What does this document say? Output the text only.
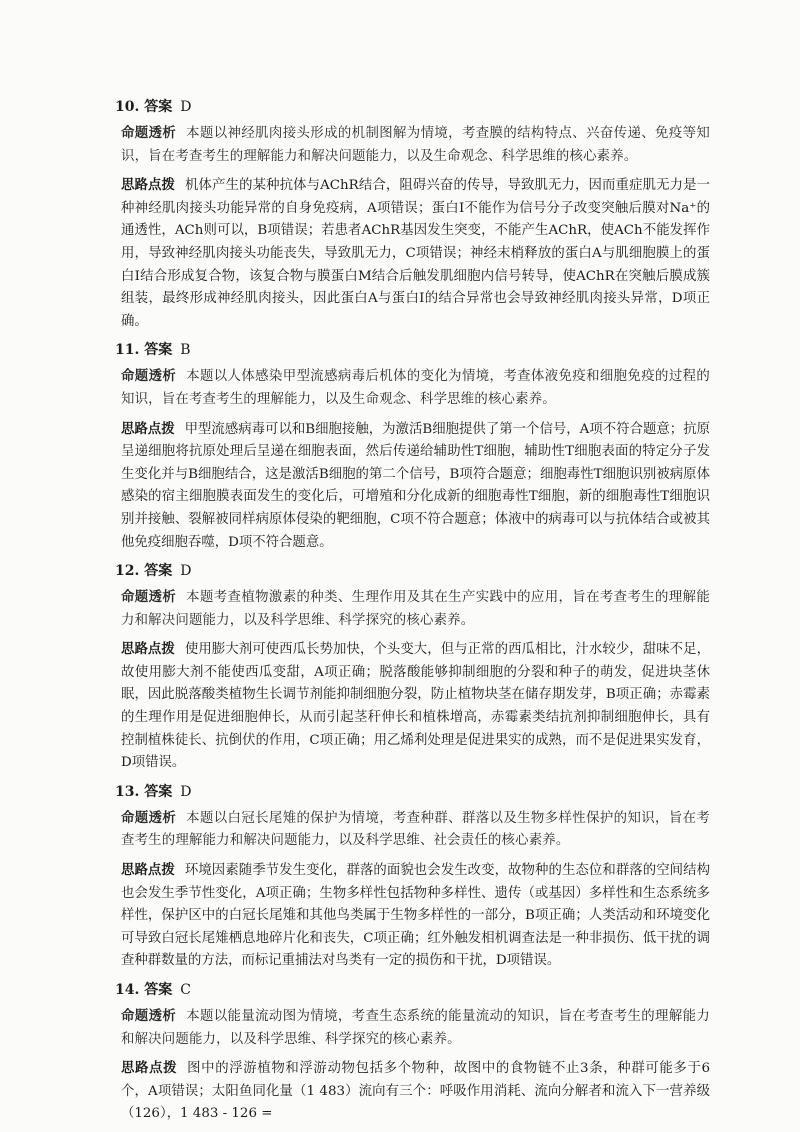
10. 答案 D

命题透析 本题以神经肌肉接头形成的机制图解为情境，考查膜的结构特点、兴奋传递、免疫等知识，旨在考查考生的理解能力和解决问题能力，以及生命观念、科学思维的核心素养。

思路点拨 机体产生的某种抗体与AChR结合，阻碍兴奋的传导，导致肌无力，因而重症肌无力是一种神经肌肉接头功能异常的自身免疫病，A项错误；蛋白Ⅰ不能作为信号分子改变突触后膜对Na⁺的通透性，ACh则可以，B项错误；若患者AChR基因发生突变，不能产生AChR，使ACh不能发挥作用，导致神经肌肉接头功能丧失，导致肌无力，C项错误；神经末梢释放的蛋白A与肌细胞膜上的蛋白Ⅰ结合形成复合物，该复合物与膜蛋白M结合后触发肌细胞内信号转导，使AChR在突触后膜成簇组装，最终形成神经肌肉接头，因此蛋白A与蛋白Ⅰ的结合异常也会导致神经肌肉接头异常，D项正确。

11. 答案 B

命题透析 本题以人体感染甲型流感病毒后机体的变化为情境，考查体液免疫和细胞免疫的过程的知识，旨在考查考生的理解能力，以及生命观念、科学思维的核心素养。

思路点拨 甲型流感病毒可以和B细胞接触，为激活B细胞提供了第一个信号，A项不符合题意；抗原呈递细胞将抗原处理后呈递在细胞表面，然后传递给辅助性T细胞，辅助性T细胞表面的特定分子发生变化并与B细胞结合，这是激活B细胞的第二个信号，B项符合题意；细胞毒性T细胞识别被病原体感染的宿主细胞膜表面发生的变化后，可增殖和分化成新的细胞毒性T细胞，新的细胞毒性T细胞识别并接触、裂解被同样病原体侵染的靶细胞，C项不符合题意；体液中的病毒可以与抗体结合或被其他免疫细胞吞噬，D项不符合题意。

12. 答案 D

命题透析 本题考查植物激素的种类、生理作用及其在生产实践中的应用，旨在考查考生的理解能力和解决问题能力，以及科学思维、科学探究的核心素养。

思路点拨 使用膨大剂可使西瓜长势加快，个头变大，但与正常的西瓜相比，汁水较少，甜味不足，故使用膨大剂不能使西瓜变甜，A项正确；脱落酸能够抑制细胞的分裂和种子的萌发，促进块茎休眠，因此脱落酸类植物生长调节剂能抑制细胞分裂，防止植物块茎在储存期发芽，B项正确；赤霉素的生理作用是促进细胞伸长，从而引起茎秆伸长和植株增高，赤霉素类结抗剂抑制细胞伸长，具有控制植株徒长、抗倒伏的作用，C项正确；用乙烯利处理是促进果实的成熟，而不是促进果实发育，D项错误。

13. 答案 D

命题透析 本题以白冠长尾雉的保护为情境，考查种群、群落以及生物多样性保护的知识，旨在考查考生的理解能力和解决问题能力，以及科学思维、社会责任的核心素养。

思路点拨 环境因素随季节发生变化，群落的面貌也会发生改变，故物种的生态位和群落的空间结构也会发生季节性变化，A项正确；生物多样性包括物种多样性、遗传（或基因）多样性和生态系统多样性，保护区中的白冠长尾雉和其他鸟类属于生物多样性的一部分，B项正确；人类活动和环境变化可导致白冠长尾雉栖息地碎片化和丧失，C项正确；红外触发相机调查法是一种非损伤、低干扰的调查种群数量的方法，而标记重捕法对鸟类有一定的损伤和干扰，D项错误。

14. 答案 C

命题透析 本题以能量流动图为情境，考查生态系统的能量流动的知识，旨在考查考生的理解能力和解决问题能力，以及科学思维、科学探究的核心素养。

思路点拨 图中的浮游植物和浮游动物包括多个物种，故图中的食物链不止3条，种群可能多于6个，A项错误；太阳鱼同化量（1 483）流向有三个：呼吸作用消耗、流向分解者和流入下一营养级（126），1 483 - 126 =
